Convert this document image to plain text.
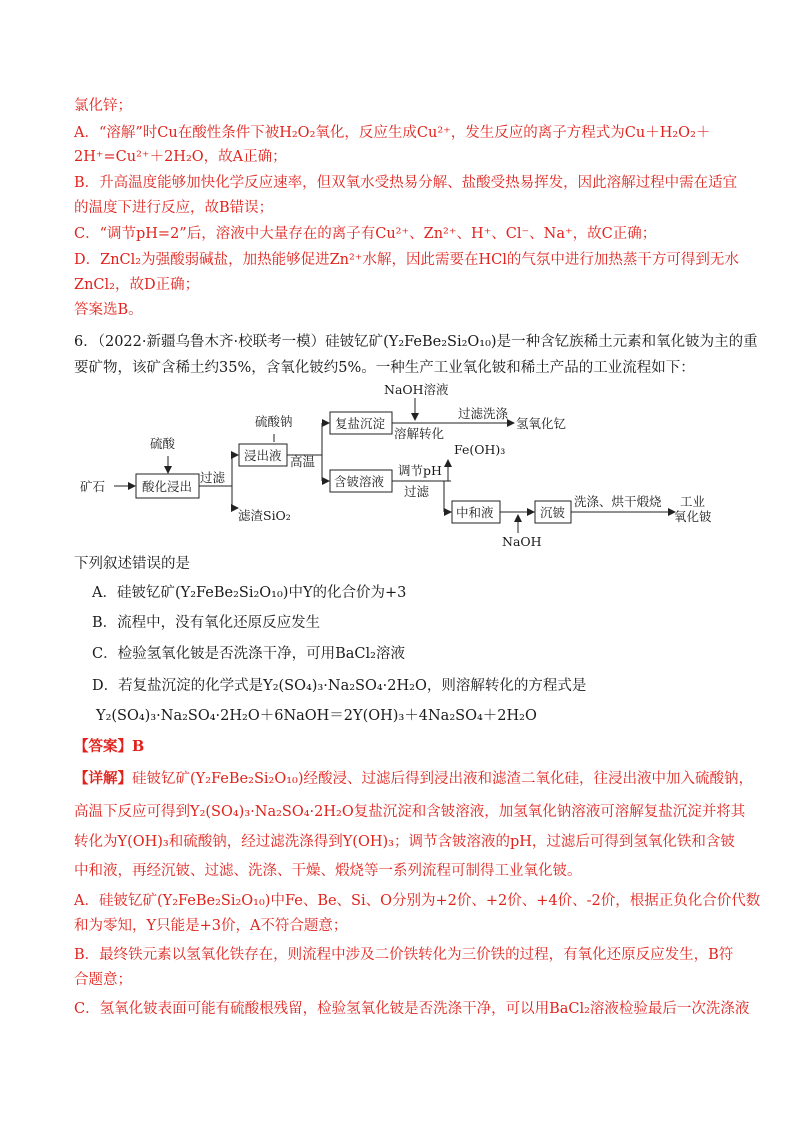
氯化锌；
A．“溶解”时Cu在酸性条件下被H₂O₂氧化，反应生成Cu²⁺，发生反应的离子方程式为Cu＋H₂O₂＋
2H⁺=Cu²⁺＋2H₂O，故A正确；
B．升高温度能够加快化学反应速率，但双氧水受热易分解、盐酸受热易挥发，因此溶解过程中需在适宜
的温度下进行反应，故B错误；
C．“调节pH=2”后，溶液中大量存在的离子有Cu²⁺、Zn²⁺、H⁺、Cl⁻、Na⁺，故C正确；
D．ZnCl₂为强酸弱碱盐，加热能够促进Zn²⁺水解，因此需要在HCl的气氛中进行加热蒸干方可得到无水
ZnCl₂，故D正确；
答案选B。
6．（2022·新疆乌鲁木齐·校联考一模）硅铍钇矿(Y₂FeBe₂Si₂O₁₀)是一种含钇族稀土元素和氧化铍为主的重
要矿物，该矿含稀土约35%，含氧化铍约5%。一种生产工业氧化铍和稀土产品的工业流程如下：
矿石
硫酸
酸化浸出
过滤
浸出液
滤渣SiO₂
硫酸钠
高温
复盐沉淀
NaOH溶液
溶解转化
过滤洗涤
氢氧化钇
含铍溶液
调节pH
过滤
Fe(OH)₃
中和液
NaOH
沉铍
洗涤、烘干煅烧 工业
氧化铍
下列叙述错误的是
A．硅铍钇矿(Y₂FeBe₂Si₂O₁₀)中Y的化合价为+3
B．流程中，没有氧化还原反应发生
C．检验氢氧化铍是否洗涤干净，可用BaCl₂溶液
D．若复盐沉淀的化学式是Y₂(SO₄)₃·Na₂SO₄·2H₂O，则溶解转化的方程式是
Y₂(SO₄)₃·Na₂SO₄·2H₂O＋6NaOH＝2Y(OH)₃＋4Na₂SO₄＋2H₂O
【答案】B
【详解】硅铍钇矿(Y₂FeBe₂Si₂O₁₀)经酸浸、过滤后得到浸出液和滤渣二氧化硅，往浸出液中加入硫酸钠，
高温下反应可得到Y₂(SO₄)₃·Na₂SO₄·2H₂O复盐沉淀和含铍溶液，加氢氧化钠溶液可溶解复盐沉淀并将其
转化为Y(OH)₃和硫酸钠，经过滤洗涤得到Y(OH)₃；调节含铍溶液的pH，过滤后可得到氢氧化铁和含铍
中和液，再经沉铍、过滤、洗涤、干燥、煅烧等一系列流程可制得工业氧化铍。
A．硅铍钇矿(Y₂FeBe₂Si₂O₁₀)中Fe、Be、Si、O分别为+2价、+2价、+4价、-2价，根据正负化合价代数
和为零知，Y只能是+3价，A不符合题意；
B．最终铁元素以氢氧化铁存在，则流程中涉及二价铁转化为三价铁的过程，有氧化还原反应发生，B符
合题意；
C．氢氧化铍表面可能有硫酸根残留，检验氢氧化铍是否洗涤干净，可以用BaCl₂溶液检验最后一次洗涤液
